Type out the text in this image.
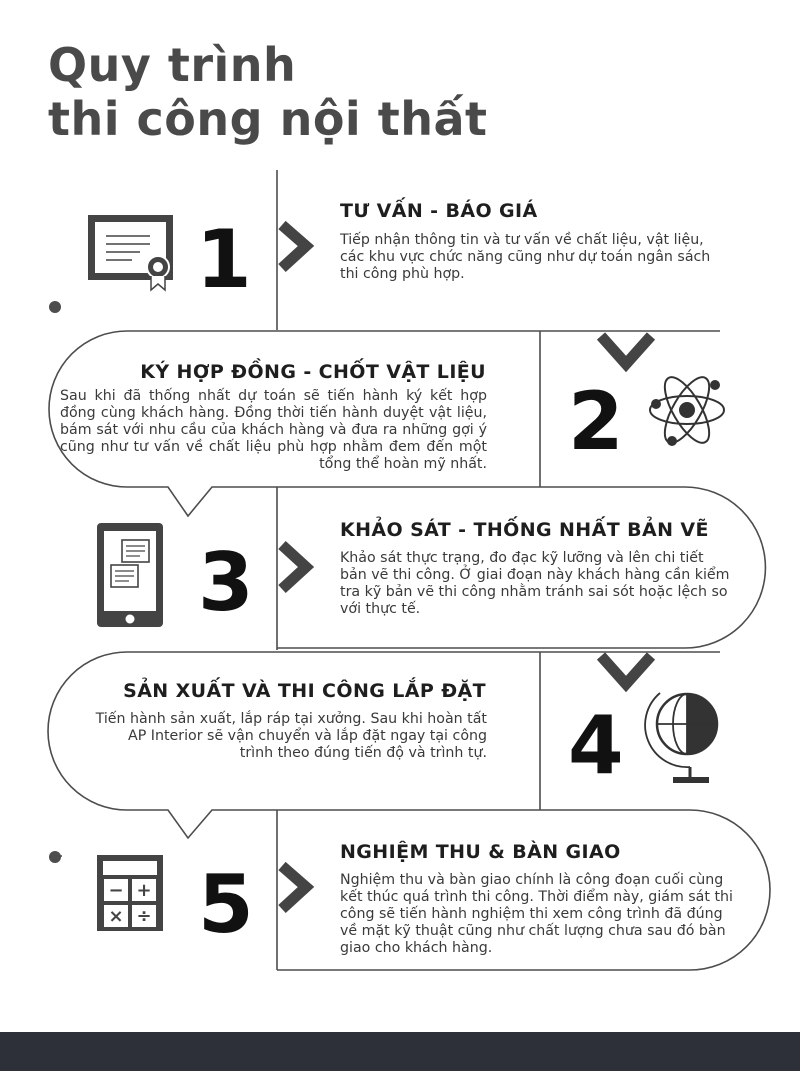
Quy trình
thi công nội thất
− +
× ÷
1
TƯ VẤN - BÁO GIÁ

Tiếp nhận thông tin và tư vấn về chất liệu, vật liệu, các khu vực chức năng cũng như dự toán ngân sách thi công phù hợp.

KÝ HỢP ĐỒNG - CHỐT VẬT LIỆU

Sau khi đã thống nhất dự toán sẽ tiến hành ký kết hợp đồng cùng khách hàng. Đồng thời tiến hành duyệt vật liệu, bám sát với nhu cầu của khách hàng và đưa ra những gợi ý cũng như tư vấn về chất liệu phù hợp nhằm đem đến một tổng thể hoàn mỹ nhất. 2
3
KHẢO SÁT - THỐNG NHẤT BẢN VẼ

Khảo sát thực trạng, đo đạc kỹ lưỡng và lên chi tiết bản vẽ thi công. Ở giai đoạn này khách hàng cần kiểm tra kỹ bản vẽ thi công nhằm tránh sai sót hoặc lệch so với thực tế.

SẢN XUẤT VÀ THI CÔNG LẮP ĐẶT

Tiến hành sản xuất, lắp ráp tại xưởng. Sau khi hoàn tất AP Interior sẽ vận chuyển và lắp đặt ngay tại công trình theo đúng tiến độ và trình tự. 4
5
NGHIỆM THU & BÀN GIAO

Nghiệm thu và bàn giao chính là công đoạn cuối cùng kết thúc quá trình thi công. Thời điểm này, giám sát thi công sẽ tiến hành nghiệm thi xem công trình đã đúng về mặt kỹ thuật cũng như chất lượng chưa sau đó bàn giao cho khách hàng.
